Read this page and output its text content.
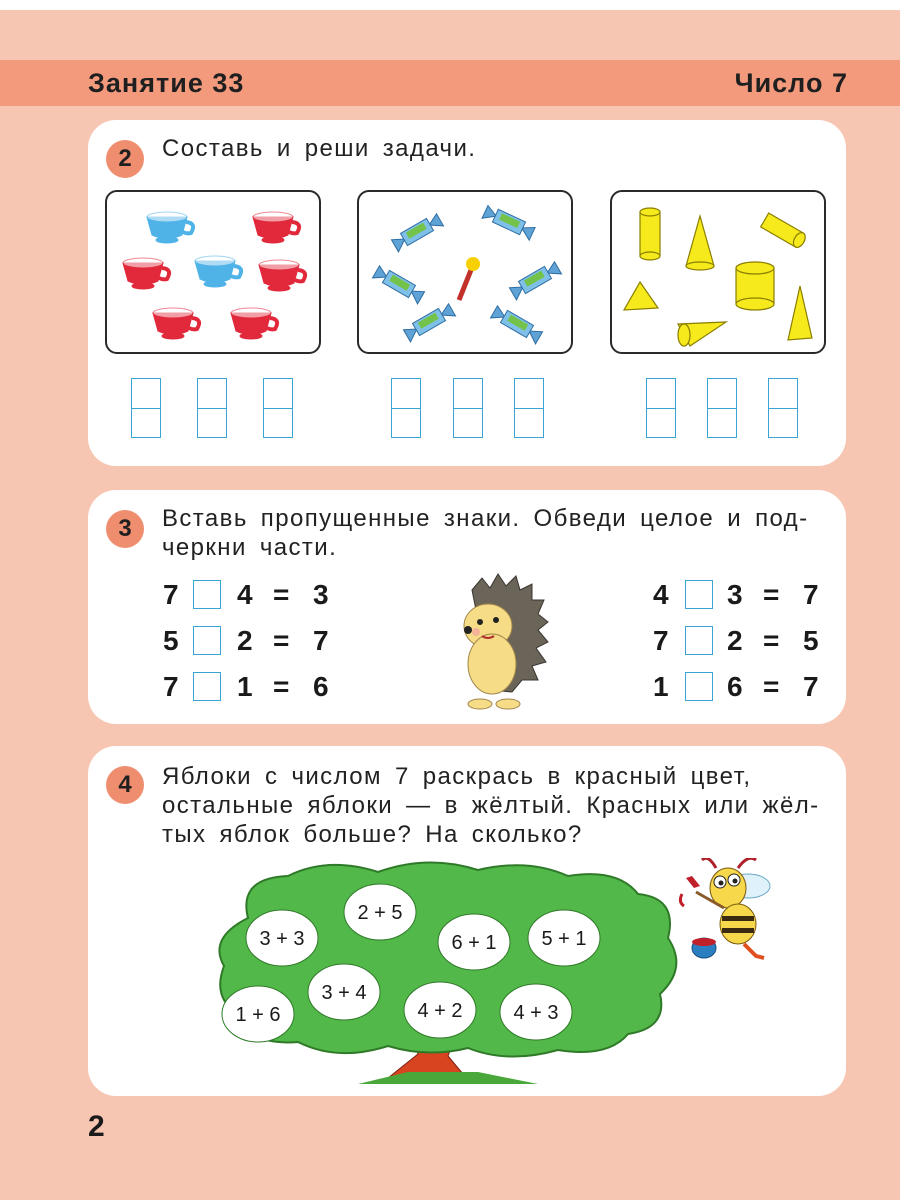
Занятие 33	Число 7
2	Составь и реши задачи.
3	Вставь пропущенные знаки. Обведи целое и под-
черкни части.
7 4 = 3
5 2 = 7
7 1 = 6
4 3 = 7
7 2 = 5
1 6 = 7
4	Яблоки с числом 7 раскрась в красный цвет,
остальные яблоки — в жёлтый. Красных или жёл-
тых яблок больше? На сколько?
3 + 3
2 + 5
6 + 1 5 + 1
1 + 6
3 + 4
4 + 2	4 + 3
2
